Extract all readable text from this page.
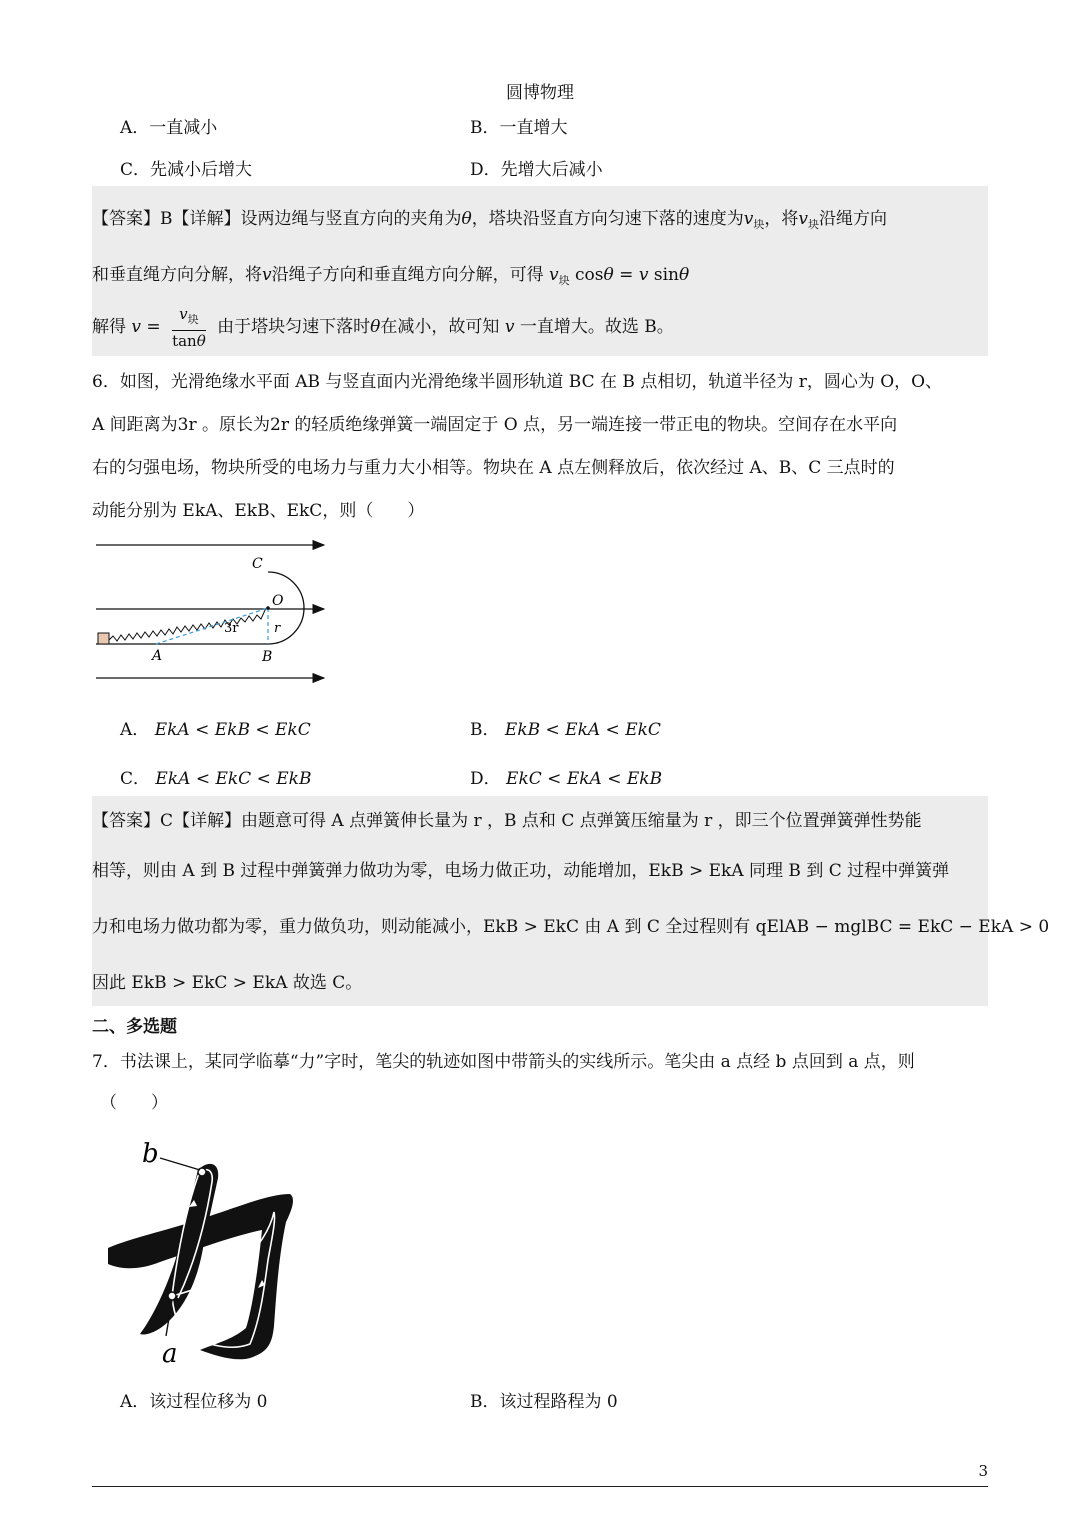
圆博物理
A．一直减小	B．一直增大
C．先减小后增大	D．先增大后减小
【答案】B【详解】设两边绳与竖直方向的夹角为θ，塔块沿竖直方向匀速下落的速度为$v_块$，将$v_块$沿绳方向
和垂直绳方向分解，将v沿绳子方向和垂直绳方向分解，可得 $v_块$ cosθ = v sinθ
解得 $v = \frac{v_块}{\tan\theta}$ 由于塔块匀速下落时θ在减小，故可知 v 一直增大。故选 B。
6．如图，光滑绝缘水平面 AB 与竖直面内光滑绝缘半圆形轨道 BC 在 B 点相切，轨道半径为 r，圆心为 O，O、
A 间距离为3r 。原长为2r 的轻质绝缘弹簧一端固定于 O 点，另一端连接一带正电的物块。空间存在水平向
右的匀强电场，物块所受的电场力与重力大小相等。物块在 A 点左侧释放后，依次经过 A、B、C 三点时的
动能分别为 EkA、EkB、EkC，则（　　）
C
O
3r	r
A	B
A． EkA < EkB < EkC	B． EkB < EkA < EkC
C． EkA < EkC < EkB	D． EkC < EkA < EkB
【答案】C【详解】由题意可得 A 点弹簧伸长量为 r ，B 点和 C 点弹簧压缩量为 r ，即三个位置弹簧弹性势能
相等，则由 A 到 B 过程中弹簧弹力做功为零，电场力做正功，动能增加，EkB > EkA 同理 B 到 C 过程中弹簧弹
力和电场力做功都为零，重力做负功，则动能减小，EkB > EkC 由 A 到 C 全过程则有 qElAB − mglBC = EkC − EkA > 0
因此 EkB > EkC > EkA 故选 C。
二、多选题
7．书法课上，某同学临摹“力”字时，笔尖的轨迹如图中带箭头的实线所示。笔尖由 a 点经 b 点回到 a 点，则
（　　）
b
a
A．该过程位移为 0	B．该过程路程为 0
3
